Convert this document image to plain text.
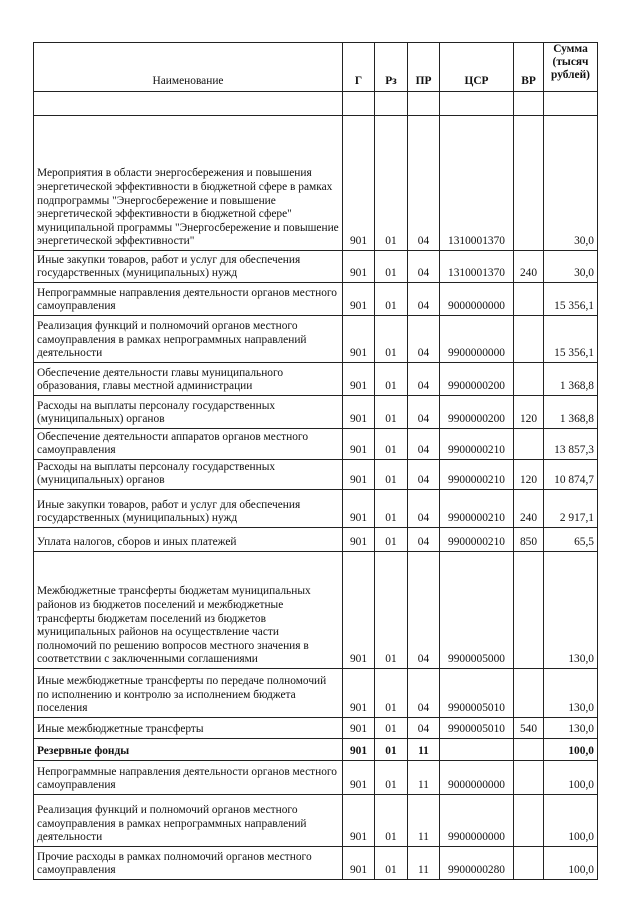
Наименование	Г	Рз	ПР	ЦСР	ВР	Сумма (тысяч рублей)

Мероприятия в области энергосбережения и повышения энергетической эффективности в бюджетной сфере в рамках подпрограммы "Энергосбережение и повышение энергетической эффективности в бюджетной сфере" муниципальной программы "Энергосбережение и повышение энергетической эффективности"	901	01	04	1310001370		30,0
Иные закупки товаров, работ и услуг для обеспечения государственных (муниципальных) нужд	901	01	04	1310001370	240	30,0
Непрограммные направления деятельности органов местного самоуправления	901	01	04	9000000000		15 356,1
Реализация функций и полномочий органов местного самоуправления в рамках непрограммных направлений деятельности	901	01	04	9900000000		15 356,1
Обеспечение деятельности главы муниципального образования, главы местной администрации	901	01	04	9900000200		1 368,8
Расходы на выплаты персоналу государственных (муниципальных) органов	901	01	04	9900000200	120	1 368,8
Обеспечение деятельности аппаратов органов местного самоуправления	901	01	04	9900000210		13 857,3
Расходы на выплаты персоналу государственных (муниципальных) органов	901	01	04	9900000210	120	10 874,7
Иные закупки товаров, работ и услуг для обеспечения государственных (муниципальных) нужд	901	01	04	9900000210	240	2 917,1
Уплата налогов, сборов и иных платежей	901	01	04	9900000210	850	65,5
Межбюджетные трансферты бюджетам муниципальных районов из бюджетов поселений и межбюджетные трансферты бюджетам поселений из бюджетов муниципальных районов на осуществление части полномочий по решению вопросов местного значения в соответствии с заключенными соглашениями	901	01	04	9900005000		130,0
Иные межбюджетные трансферты по передаче полномочий по исполнению и контролю за исполнением бюджета поселения	901	01	04	9900005010		130,0
Иные межбюджетные трансферты	901	01	04	9900005010	540	130,0
Резервные фонды	901	01	11			100,0
Непрограммные направления деятельности органов местного самоуправления	901	01	11	9000000000		100,0
Реализация функций и полномочий органов местного самоуправления в рамках непрограммных направлений деятельности	901	01	11	9900000000		100,0
Прочие расходы в рамках полномочий органов местного самоуправления	901	01	11	9900000280		100,0
